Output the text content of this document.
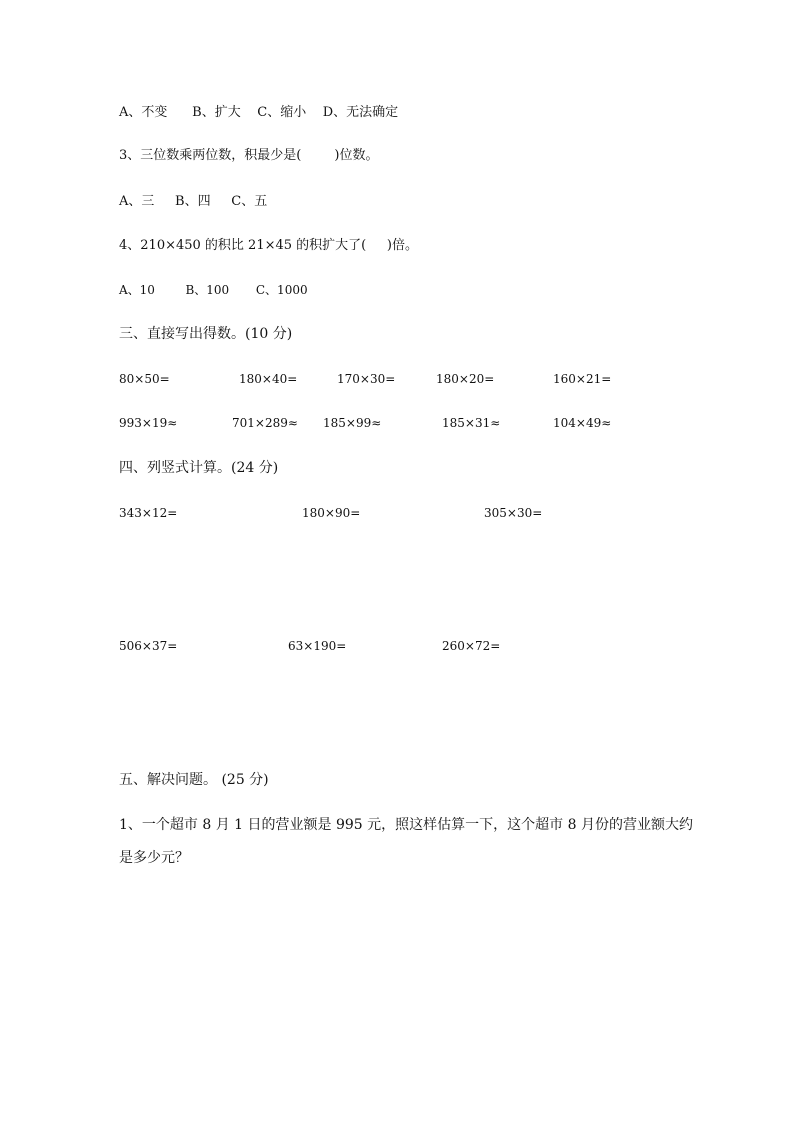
A、不变      B、扩大    C、缩小    D、无法确定
3、三位数乘两位数，积最少是(        )位数。
A、三     B、四     C、五
4、210×450 的积比 21×45 的积扩大了(     )倍。
A、10        B、100       C、1000
三、直接写出得数。(10 分)
80×50=	180×40=	170×30=	180×20=	160×21=
993×19≈	701×289≈ 185×99≈	185×31≈	104×49≈
四、列竖式计算。(24 分)
343×12=	180×90=	305×30=
506×37=	63×190=	260×72=
五、解决问题。 (25 分)
1、一个超市 8 月 1 日的营业额是 995 元，照这样估算一下，这个超市 8 月份的营业额大约
是多少元？
